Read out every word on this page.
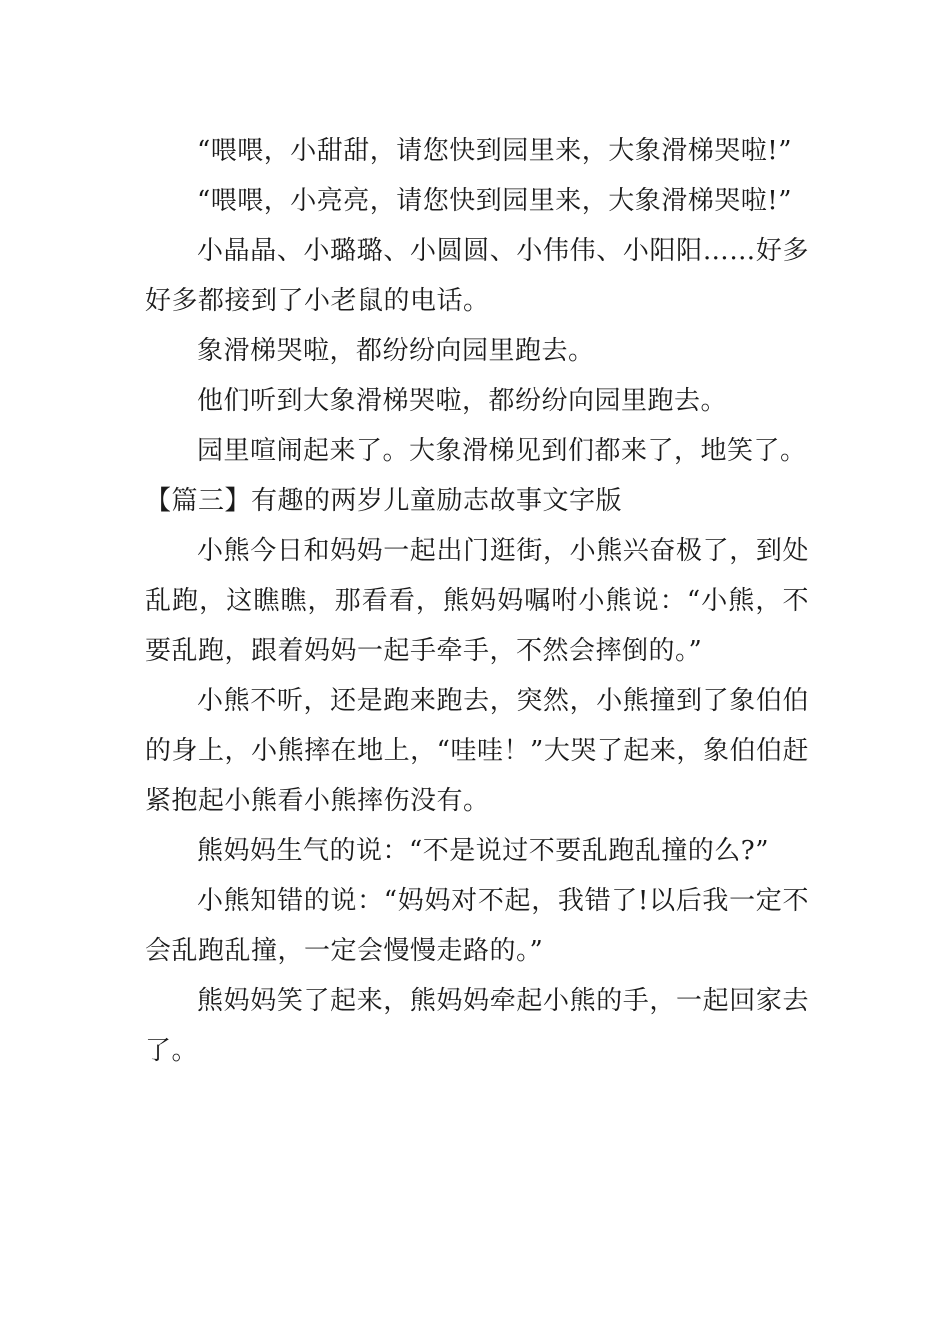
“喂喂，小甜甜，请您快到园里来，大象滑梯哭啦!”

“喂喂，小亮亮，请您快到园里来，大象滑梯哭啦!”

小晶晶、小璐璐、小圆圆、小伟伟、小阳阳……好多好多都接到了小老鼠的电话。

象滑梯哭啦，都纷纷向园里跑去。

他们听到大象滑梯哭啦，都纷纷向园里跑去。

园里喧闹起来了。大象滑梯见到们都来了，地笑了。

【篇三】有趣的两岁儿童励志故事文字版

小熊今日和妈妈一起出门逛街，小熊兴奋极了，到处乱跑，这瞧瞧，那看看，熊妈妈嘱咐小熊说：“小熊，不要乱跑，跟着妈妈一起手牵手，不然会摔倒的。”

小熊不听，还是跑来跑去，突然，小熊撞到了象伯伯的身上，小熊摔在地上，“哇哇！”大哭了起来，象伯伯赶紧抱起小熊看小熊摔伤没有。

熊妈妈生气的说：“不是说过不要乱跑乱撞的么?”

小熊知错的说：“妈妈对不起，我错了!以后我一定不会乱跑乱撞，一定会慢慢走路的。”

熊妈妈笑了起来，熊妈妈牵起小熊的手，一起回家去了。
